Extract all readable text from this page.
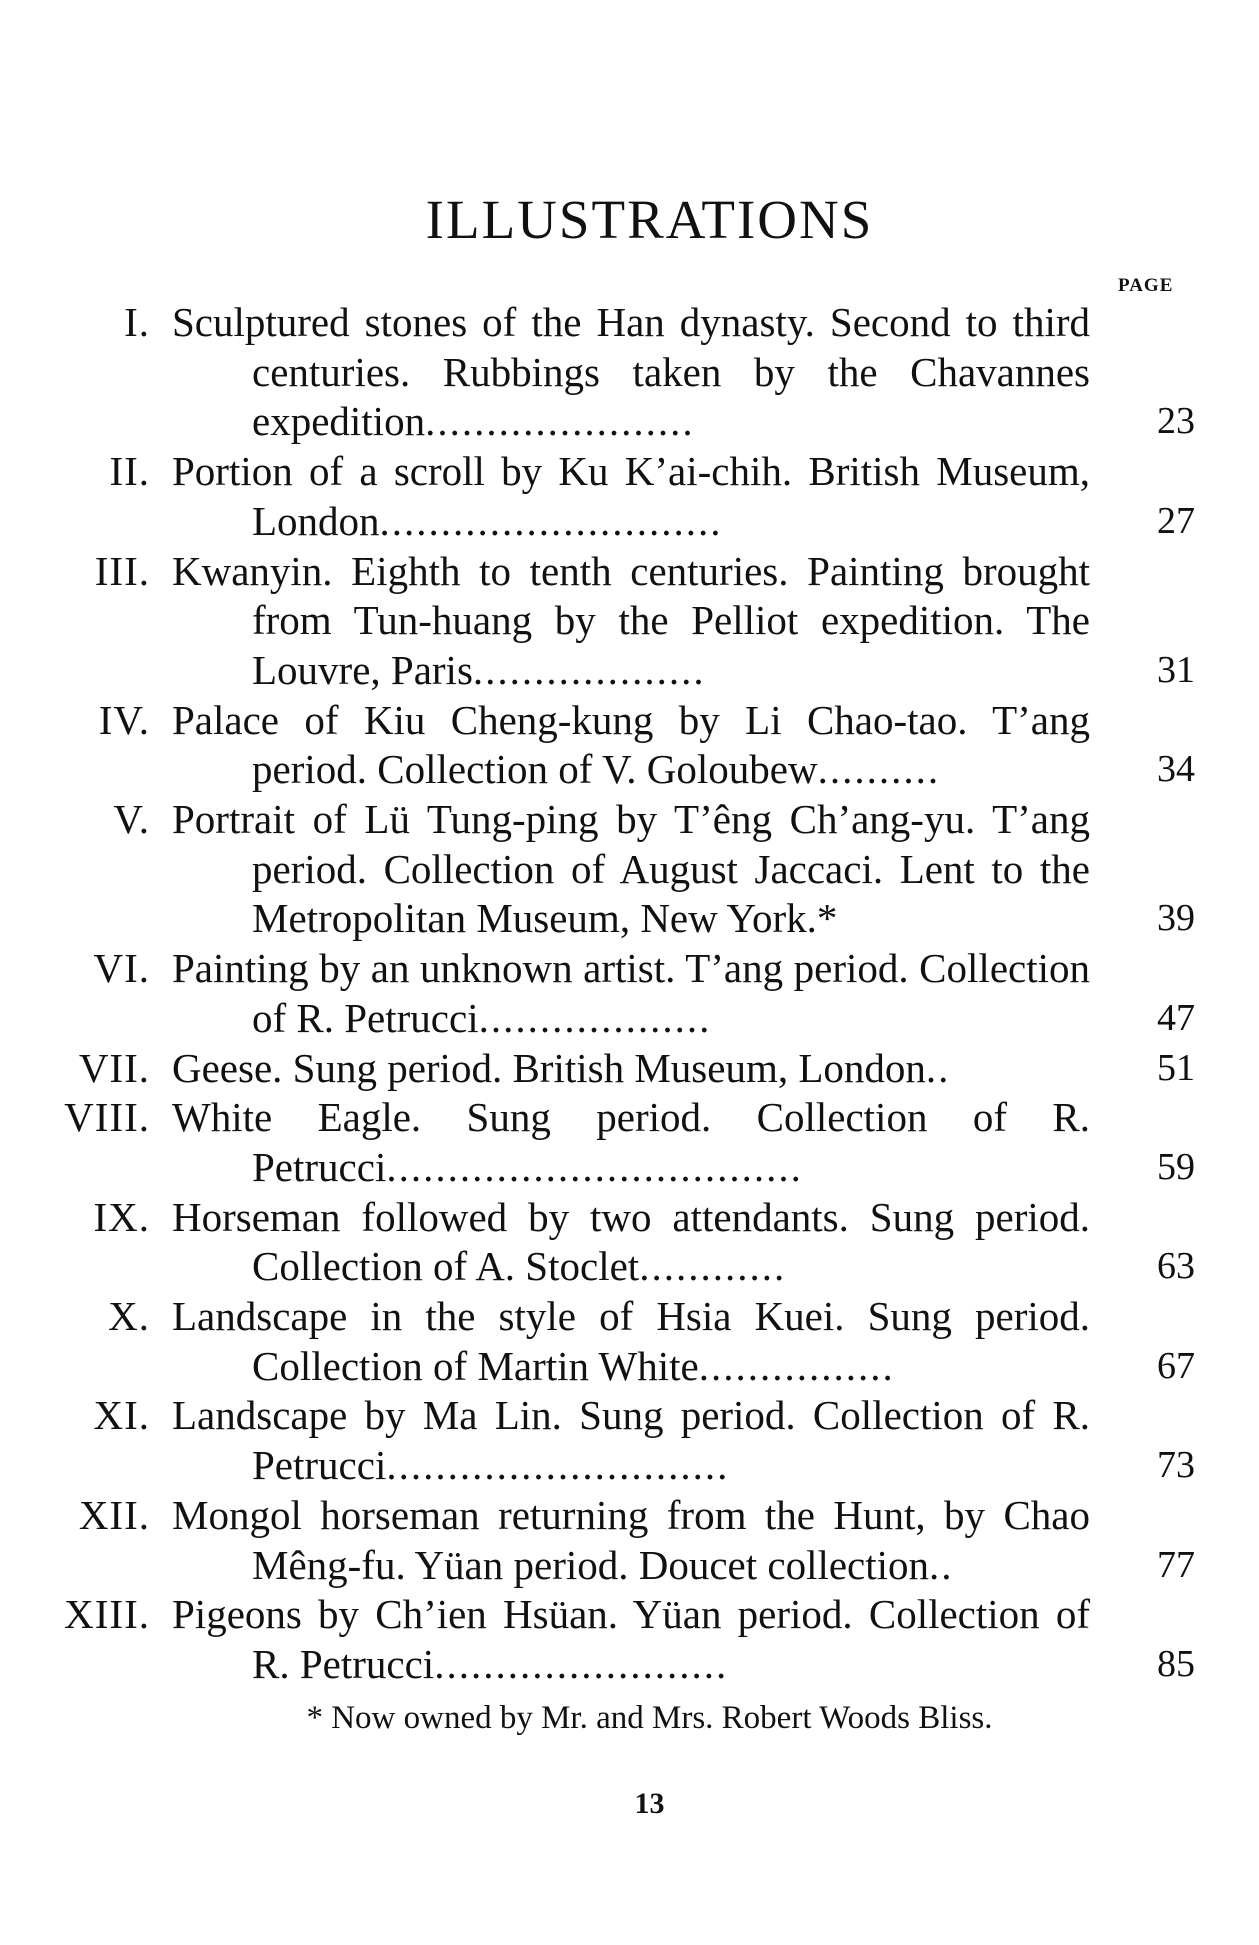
ILLUSTRATIONS
PAGE
I. Sculptured stones of the Han dynasty. Second to third centuries. Rubbings taken by the Chavannes expedition......................	23
II. Portion of a scroll by Ku K’ai-chih. British Museum, London............................	27
III. Kwanyin. Eighth to tenth centuries. Painting brought from Tun-huang by the Pelliot expedition. The Louvre, Paris...................	31
IV. Palace of Kiu Cheng-kung by Li Chao-tao. T’ang period. Collection of V. Goloubew..........	34
V. Portrait of Lü Tung-ping by T’êng Ch’ang-yu. T’ang period. Collection of August Jaccaci. Lent to the Metropolitan Museum, New York.*	39
VI. Painting by an unknown artist. T’ang period. Collection of R. Petrucci...................	47
VII. Geese. Sung period. British Museum, London..	51
VIII. White Eagle. Sung period. Collection of R. Petrucci..................................	59
IX. Horseman followed by two attendants. Sung period. Collection of A. Stoclet............	63
X. Landscape in the style of Hsia Kuei. Sung period. Collection of Martin White................	67
XI. Landscape by Ma Lin. Sung period. Collection of R. Petrucci............................	73
XII. Mongol horseman returning from the Hunt, by Chao Mêng-fu. Yüan period. Doucet collection..	77
XIII. Pigeons by Ch’ien Hsüan. Yüan period. Collection of R. Petrucci........................	85
* Now owned by Mr. and Mrs. Robert Woods Bliss.
13
